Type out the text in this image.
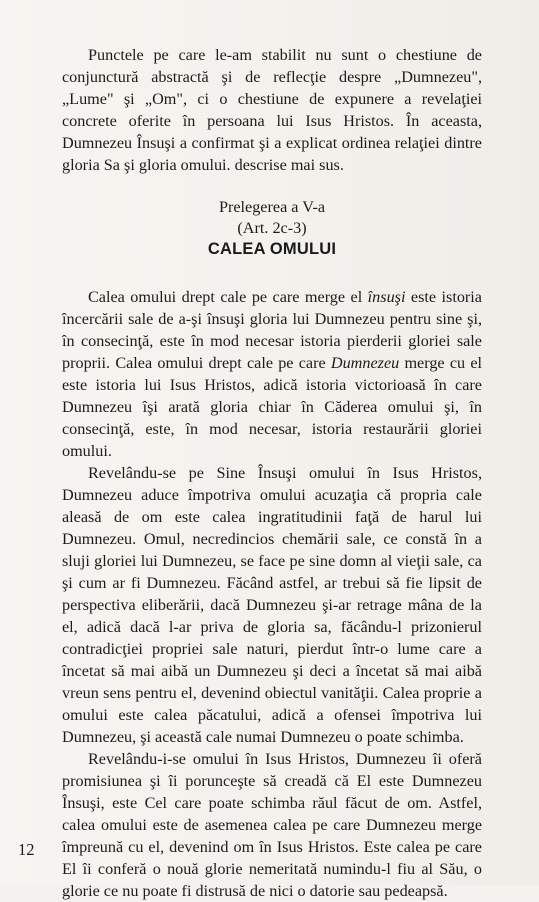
Punctele pe care le-am stabilit nu sunt o chestiune de conjunctură abstractă şi de reflecţie despre „Dumnezeu", „Lume" şi „Om", ci o chestiune de expunere a revelaţiei concrete oferite în persoana lui Isus Hristos. În aceasta, Dumnezeu Însuşi a confirmat şi a explicat ordinea relaţiei dintre gloria Sa şi gloria omului. descrise mai sus.

Prelegerea a V-a
(Art. 2c-3)
CALEA OMULUI

Calea omului drept cale pe care merge el însuşi este istoria încercării sale de a-şi însuşi gloria lui Dumnezeu pentru sine şi, în consecinţă, este în mod necesar istoria pierderii gloriei sale proprii. Calea omului drept cale pe care Dumnezeu merge cu el este istoria lui Isus Hristos, adică istoria victorioasă în care Dumnezeu îşi arată gloria chiar în Căderea omului şi, în consecinţă, este, în mod necesar, istoria restaurării gloriei omului.

Revelându-se pe Sine Însuşi omului în Isus Hristos, Dumnezeu aduce împotriva omului acuzaţia că propria cale aleasă de om este calea ingratitudinii faţă de harul lui Dumnezeu. Omul, necredincios chemării sale, ce constă în a sluji gloriei lui Dumnezeu, se face pe sine domn al vieţii sale, ca şi cum ar fi Dumnezeu. Făcând astfel, ar trebui să fie lipsit de perspectiva eliberării, dacă Dumnezeu şi-ar retrage mâna de la el, adică dacă l-ar priva de gloria sa, făcându-l prizonierul contradicţiei propriei sale naturi, pierdut într-o lume care a încetat să mai aibă un Dumnezeu şi deci a încetat să mai aibă vreun sens pentru el, devenind obiectul vanităţii. Calea proprie a omului este calea păcatului, adică a ofensei împotriva lui Dumnezeu, şi această cale numai Dumnezeu o poate schimba.

Revelându-i-se omului în Isus Hristos, Dumnezeu îi oferă promisiunea şi îi porunceşte să creadă că El este Dumnezeu Însuşi, este Cel care poate schimba răul făcut de om. Astfel, calea omului este de asemenea calea pe care Dumnezeu merge împreună cu el, devenind om în Isus Hristos. Este calea pe care El îi conferă o nouă glorie nemeritată numindu-l fiu al Său, o glorie ce nu poate fi distrusă de nici o datorie sau pedeapsă.

12
